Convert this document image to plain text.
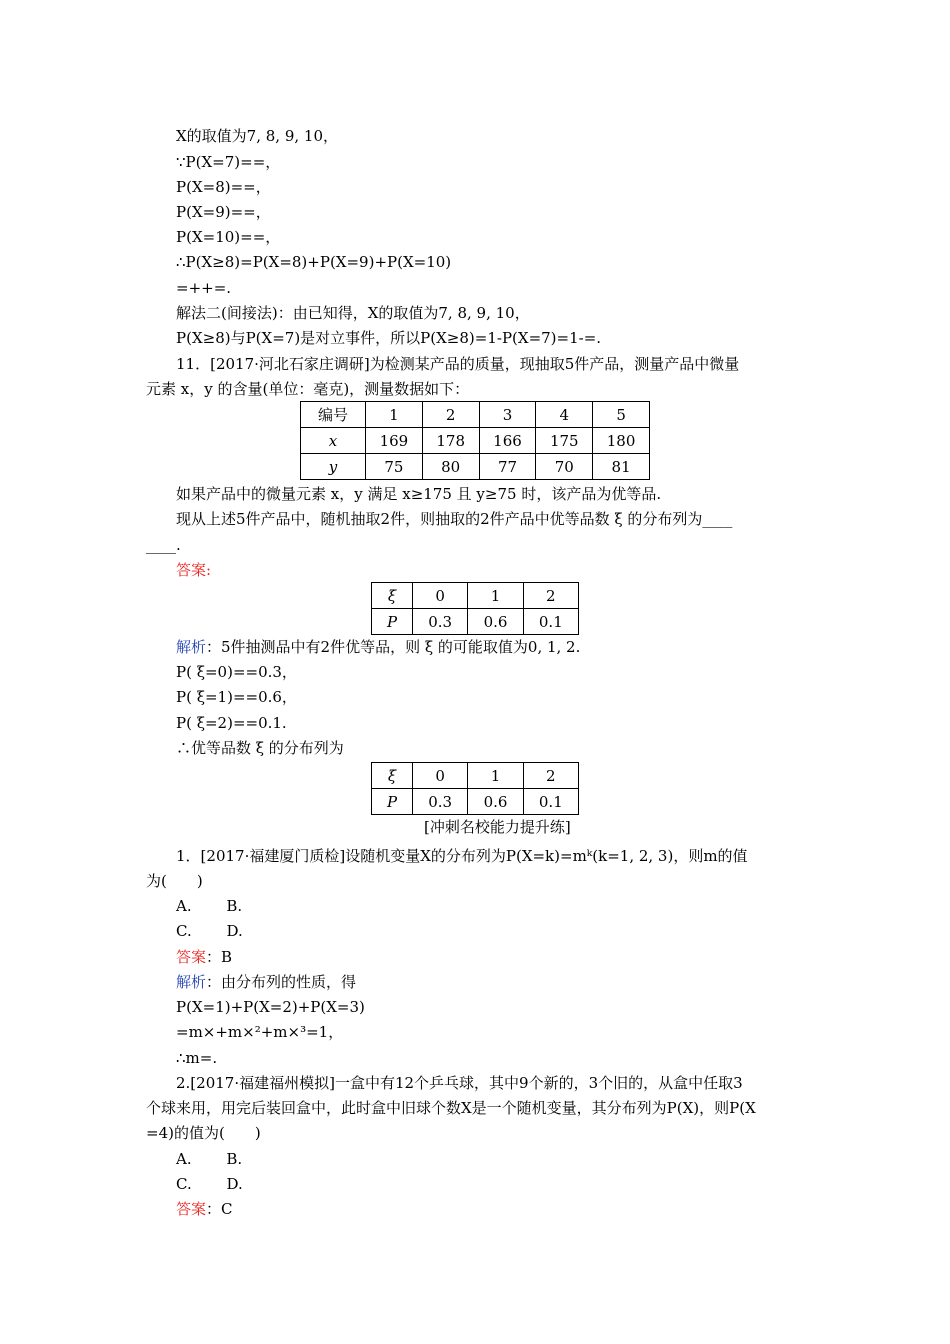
X的取值为7, 8, 9, 10，
∵P(X=7)==，
P(X=8)==，
P(X=9)==，
P(X=10)==，
∴P(X≥8)=P(X=8)+P(X=9)+P(X=10)
=++=.
解法二(间接法)：由已知得，X的取值为7, 8, 9, 10，
P(X≥8)与P(X=7)是对立事件，所以P(X≥8)=1-P(X=7)=1-=.
11．[2017·河北石家庄调研]为检测某产品的质量，现抽取5件产品，测量产品中微量
元素 x，y 的含量(单位：毫克)，测量数据如下：
编号	1	2	3	4	5
x	169	178	166	175	180
y	75	80	77	70	81
如果产品中的微量元素 x，y 满足 x≥175 且 y≥75 时，该产品为优等品.
现从上述5件产品中，随机抽取2件，则抽取的2件产品中优等品数 ξ 的分布列为____
____.
答案:
ξ	0	1	2
P	0.3	0.6	0.1
解析：5件抽测品中有2件优等品，则 ξ 的可能取值为0, 1, 2.
P( ξ=0)==0.3，
P( ξ=1)==0.6，
P( ξ=2)==0.1.
∴优等品数 ξ 的分布列为
ξ	0	1	2
P	0.3	0.6	0.1
[冲刺名校能力提升练]
1．[2017·福建厦门质检]设随机变量X的分布列为P(X=k)=mᵏ(k=1, 2, 3)，则m的值
为(　　)
A.　　 B.
C.　　 D.
答案：B
解析：由分布列的性质，得
P(X=1)+P(X=2)+P(X=3)
=m×+m×²+m×³=1，
∴m=.
2.[2017·福建福州模拟]一盒中有12个乒乓球，其中9个新的，3个旧的，从盒中任取3
个球来用，用完后装回盒中，此时盒中旧球个数X是一个随机变量，其分布列为P(X)，则P(X
=4)的值为(　　)
A.　　 B.
C.　　 D.
答案：C
